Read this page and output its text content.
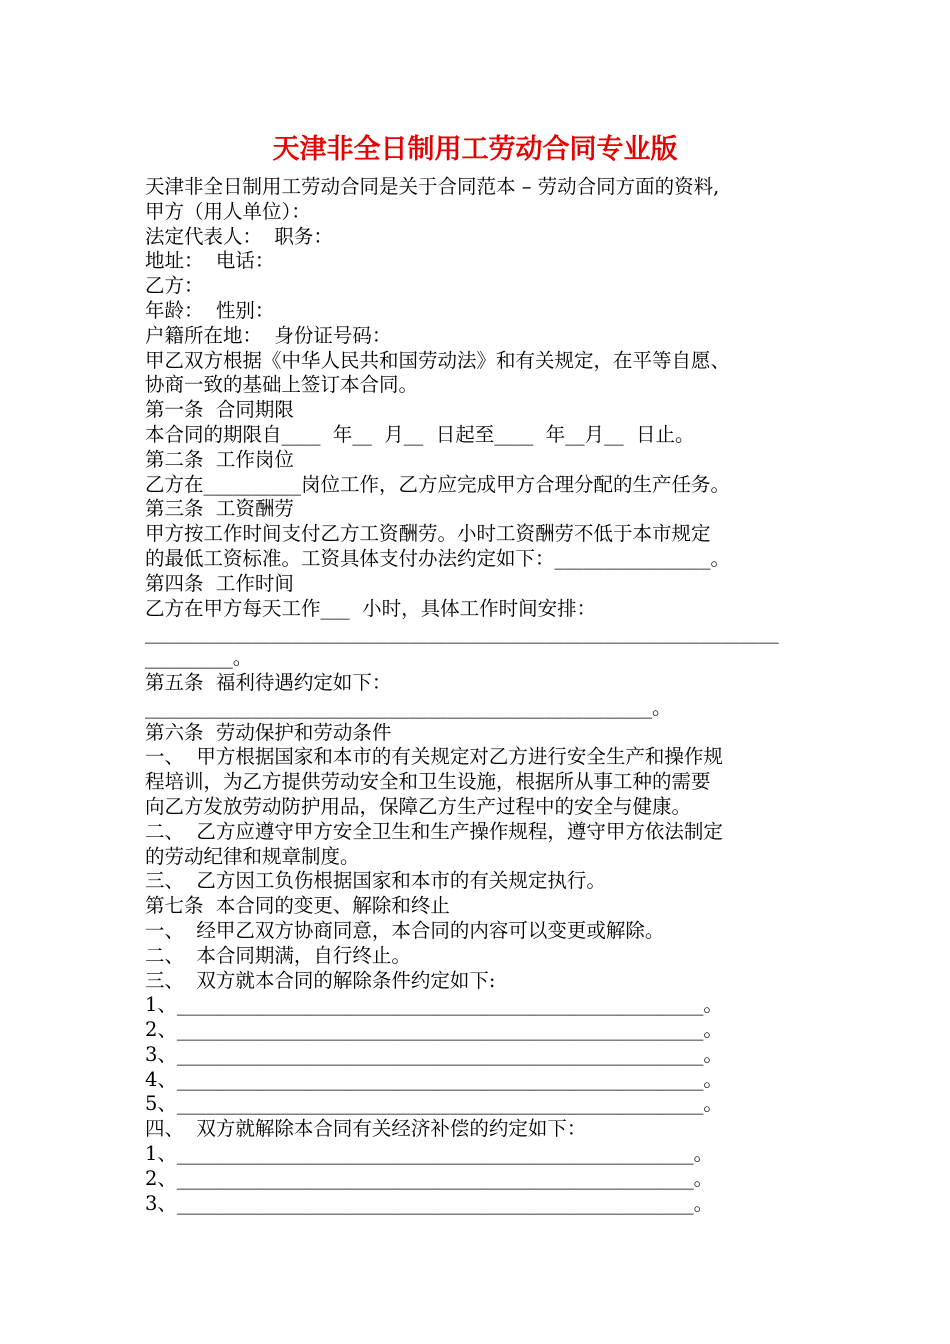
天津非全日制用工劳动合同专业版
天津非全日制用工劳动合同是关于合同范本 – 劳动合同方面的资料,
甲方（用人单位）：
法定代表人：  职务：
地址：  电话：
乙方：
年龄：  性别：
户籍所在地：  身份证号码：
甲乙双方根据《中华人民共和国劳动法》和有关规定，在平等自愿、
协商一致的基础上签订本合同。
第一条  合同期限
本合同的期限自____  年__  月__  日起至____  年__月__  日止。
第二条  工作岗位
乙方在__________岗位工作，乙方应完成甲方合理分配的生产任务。
第三条  工资酬劳
甲方按工作时间支付乙方工资酬劳。小时工资酬劳不低于本市规定
的最低工资标准。工资具体支付办法约定如下：________________。
第四条  工作时间
乙方在甲方每天工作___  小时，具体工作时间安排：
_________________________________________________________________
_________。
第五条  福利待遇约定如下：
____________________________________________________。
第六条  劳动保护和劳动条件
一、  甲方根据国家和本市的有关规定对乙方进行安全生产和操作规
程培训，为乙方提供劳动安全和卫生设施，根据所从事工种的需要
向乙方发放劳动防护用品，保障乙方生产过程中的安全与健康。
二、  乙方应遵守甲方安全卫生和生产操作规程，遵守甲方依法制定
的劳动纪律和规章制度。
三、  乙方因工负伤根据国家和本市的有关规定执行。
第七条  本合同的变更、解除和终止
一、  经甲乙双方协商同意，本合同的内容可以变更或解除。
二、  本合同期满，自行终止。
三、  双方就本合同的解除条件约定如下:
1、______________________________________________________。
2、______________________________________________________。
3、______________________________________________________。
4、______________________________________________________。
5、______________________________________________________。
四、  双方就解除本合同有关经济补偿的约定如下：
1、_____________________________________________________。
2、_____________________________________________________。
3、_____________________________________________________。
